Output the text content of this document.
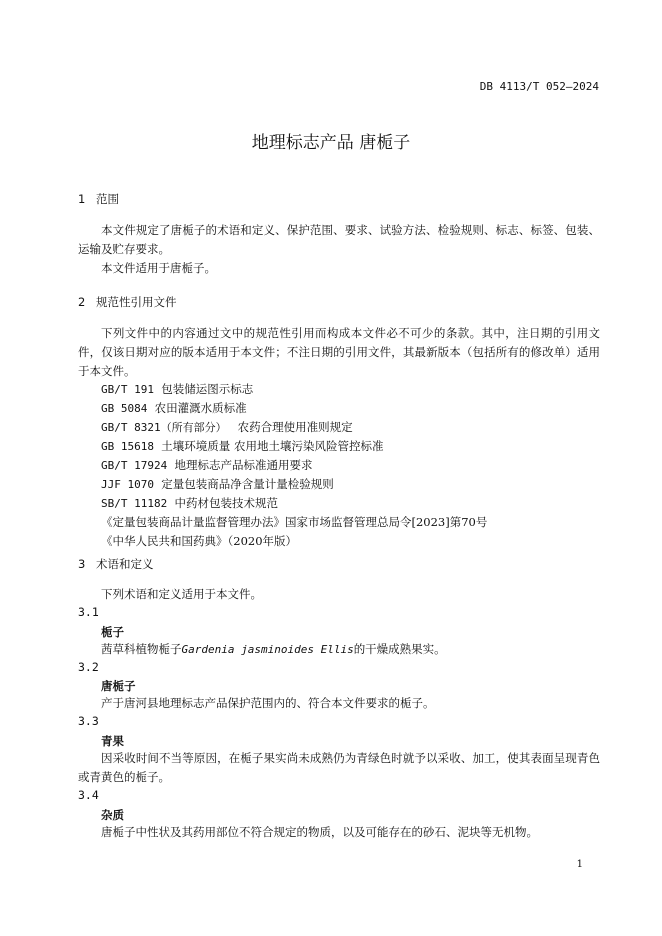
DB 4113/T 052—2024
地理标志产品 唐栀子
1 范围
本文件规定了唐栀子的术语和定义、保护范围、要求、试验方法、检验规则、标志、标签、包装、运输及贮存要求。
本文件适用于唐栀子。
2 规范性引用文件
下列文件中的内容通过文中的规范性引用而构成本文件必不可少的条款。其中，注日期的引用文件，仅该日期对应的版本适用于本文件；不注日期的引用文件，其最新版本（包括所有的修改单）适用于本文件。
GB/T 191 包装储运图示标志
GB 5084 农田灌溉水质标准
GB/T 8321（所有部分） 农药合理使用准则规定
GB 15618 土壤环境质量 农用地土壤污染风险管控标准
GB/T 17924 地理标志产品标准通用要求
JJF 1070 定量包装商品净含量计量检验规则
SB/T 11182 中药材包装技术规范
《定量包装商品计量监督管理办法》国家市场监督管理总局令[2023]第70号
《中华人民共和国药典》（2020年版）
3 术语和定义
下列术语和定义适用于本文件。
3.1
栀子
茜草科植物栀子Gardenia jasminoides Ellis的干燥成熟果实。
3.2
唐栀子
产于唐河县地理标志产品保护范围内的、符合本文件要求的栀子。
3.3
青果
因采收时间不当等原因，在栀子果实尚未成熟仍为青绿色时就予以采收、加工，使其表面呈现青色或青黄色的栀子。
3.4
杂质
唐栀子中性状及其药用部位不符合规定的物质，以及可能存在的砂石、泥块等无机物。
1
